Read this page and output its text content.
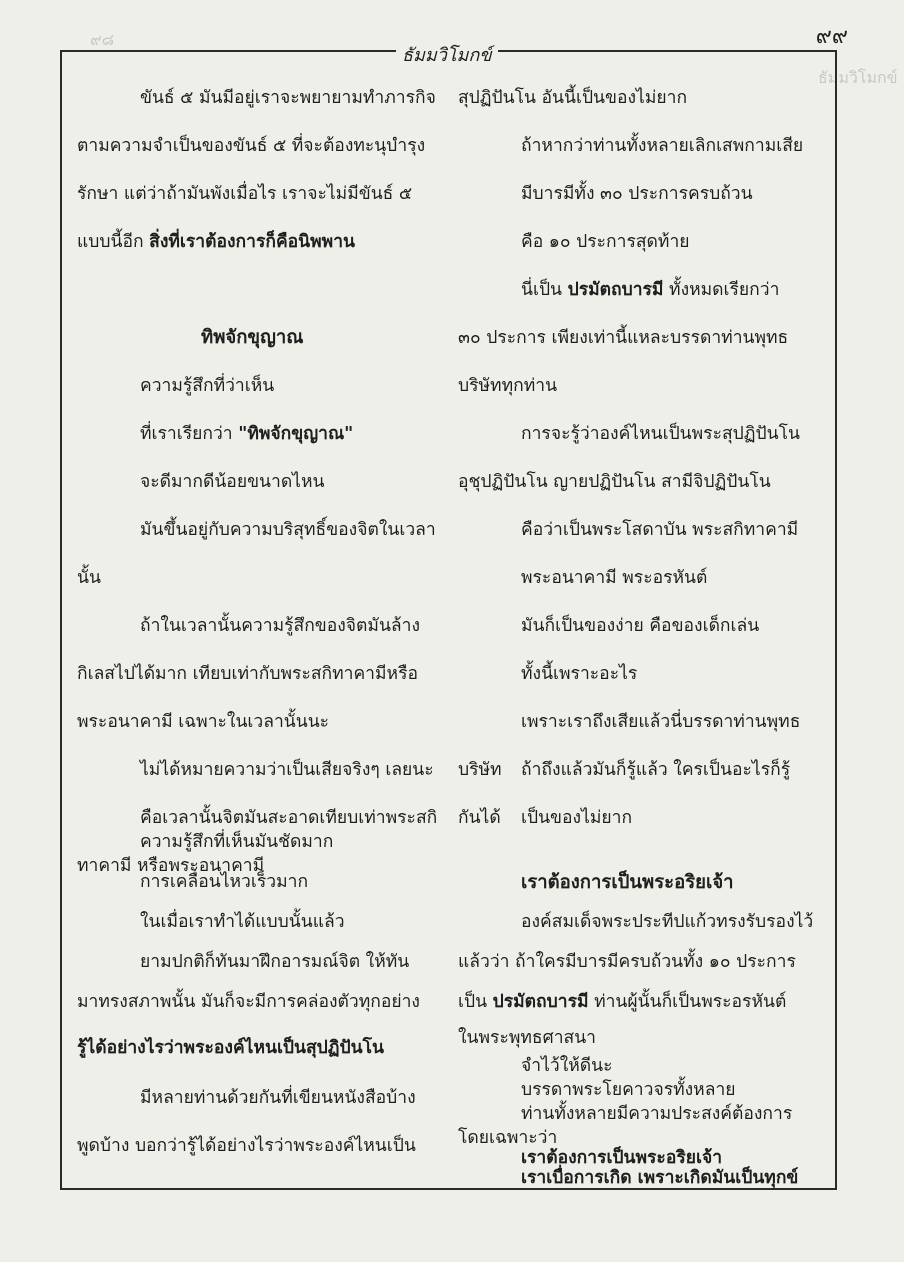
๙๘
ธัมมวิโมกข์
๙๙
ธัมมวิโมกข์
ขันธ์ ๕ มันมีอยู่เราจะพยายามทำภารกิจ
ตามความจำเป็นของขันธ์ ๕ ที่จะต้องทะนุบำรุง
รักษา แต่ว่าถ้ามันพังเมื่อไร เราจะไม่มีขันธ์ ๕
แบบนี้อีก สิ่งที่เราต้องการก็คือนิพพาน
ทิพจักขุญาณ
ความรู้สึกที่ว่าเห็น
ที่เราเรียกว่า "ทิพจักขุญาณ"
จะดีมากดีน้อยขนาดไหน
มันขึ้นอยู่กับความบริสุทธิ์ของจิตในเวลา
นั้น
ถ้าในเวลานั้นความรู้สึกของจิตมันล้าง
กิเลสไปได้มาก เทียบเท่ากับพระสกิทาคามีหรือ
พระอนาคามี เฉพาะในเวลานั้นนะ
ไม่ได้หมายความว่าเป็นเสียจริงๆ เลยนะ
คือเวลานั้นจิตมันสะอาดเทียบเท่าพระสกิ
ทาคามี หรือพระอนาคามี
ความรู้สึกที่เห็นมันชัดมาก
การเคลื่อนไหวเร็วมาก
ในเมื่อเราทำได้แบบนั้นแล้ว
ยามปกติก็ทันมาฝึกอารมณ์จิต ให้ทัน
มาทรงสภาพนั้น มันก็จะมีการคล่องตัวทุกอย่าง
สุปฏิปันโน อันนี้เป็นของไม่ยาก
ถ้าหากว่าท่านทั้งหลายเลิกเสพกามเสีย
มีบารมีทั้ง ๓๐ ประการครบถ้วน
คือ ๑๐ ประการสุดท้าย
นี่เป็น ปรมัตถบารมี ทั้งหมดเรียกว่า
๓๐ ประการ เพียงเท่านี้แหละบรรดาท่านพุทธ
บริษัททุกท่าน
การจะรู้ว่าองค์ไหนเป็นพระสุปฏิปันโน
อุชุปฏิปันโน ญายปฏิปันโน สามีจิปฏิปันโน
คือว่าเป็นพระโสดาบัน พระสกิทาคามี
พระอนาคามี พระอรหันต์
มันก็เป็นของง่าย คือของเด็กเล่น
ทั้งนี้เพราะอะไร
เพราะเราถึงเสียแล้วนี่บรรดาท่านพุทธ
บริษัท ถ้าถึงแล้วมันก็รู้แล้ว ใครเป็นอะไรก็รู้
กันได้ เป็นของไม่ยาก
เราต้องการเป็นพระอริยเจ้า
องค์สมเด็จพระประทีปแก้วทรงรับรองไว้
แล้วว่า ถ้าใครมีบารมีครบถ้วนทั้ง ๑๐ ประการ
เป็น ปรมัตถบารมี ท่านผู้นั้นก็เป็นพระอรหันต์
ในพระพุทธศาสนา
รู้ได้อย่างไรว่าพระองค์ไหนเป็นสุปฏิปันโน
มีหลายท่านด้วยกันที่เขียนหนังสือบ้าง
พูดบ้าง บอกว่ารู้ได้อย่างไรว่าพระองค์ไหนเป็น
จำไว้ให้ดีนะ
บรรดาพระโยคาวจรทั้งหลาย
ท่านทั้งหลายมีความประสงค์ต้องการ
โดยเฉพาะว่า
เราต้องการเป็นพระอริยเจ้า
เราเบื่อการเกิด เพราะเกิดมันเป็นทุกข์
